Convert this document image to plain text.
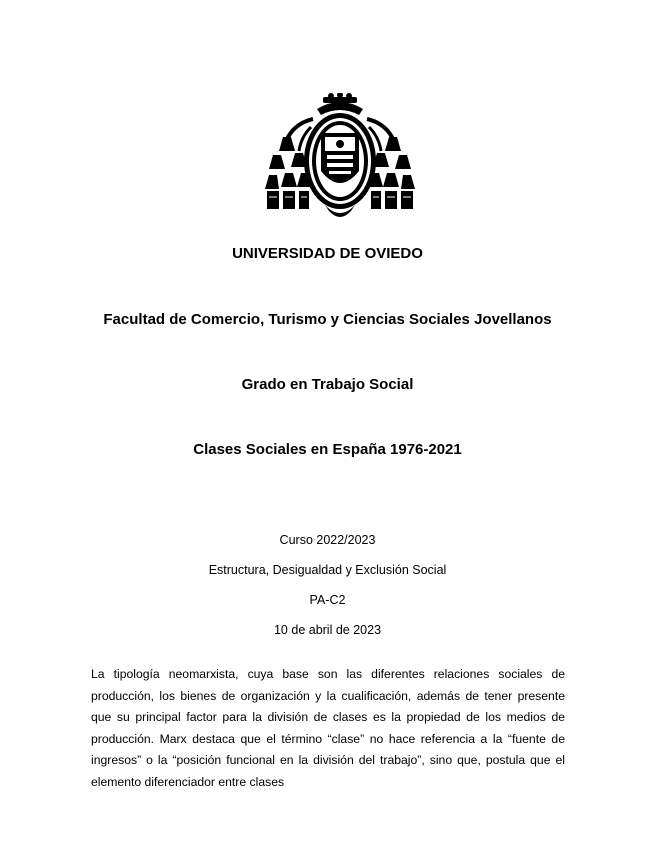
UNIVERSIDAD DE OVIEDO
Facultad de Comercio, Turismo y Ciencias Sociales Jovellanos
Grado en Trabajo Social
Clases Sociales en España 1976-2021
Curso 2022/2023
Estructura, Desigualdad y Exclusión Social
PA-C2
10 de abril de 2023

La tipología neomarxista, cuya base son las diferentes relaciones sociales de producción, los bienes de organización y la cualificación, además de tener presente que su principal factor para la división de clases es la propiedad de los medios de producción. Marx destaca que el término “clase” no hace referencia a la “fuente de ingresos” o la “posición funcional en la división del trabajo”, sino que, postula que el elemento diferenciador entre clases
